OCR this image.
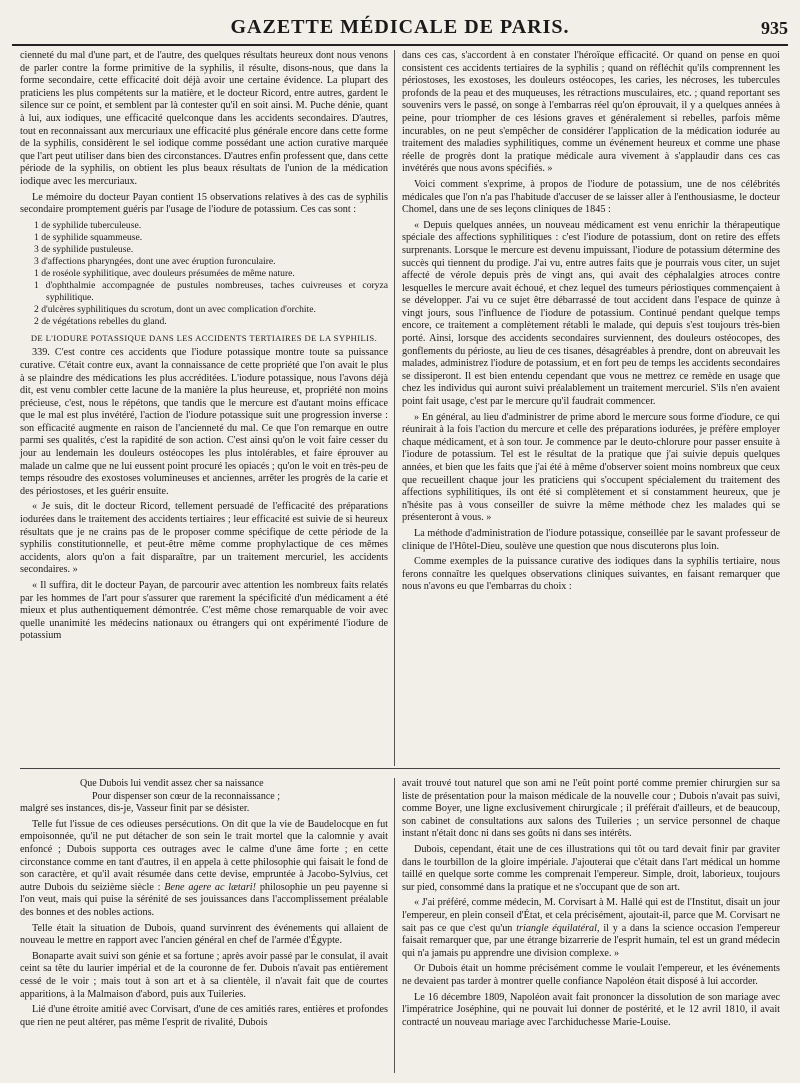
GAZETTE MÉDICALE DE PARIS.	935

cienneté du mal d'une part, et de l'autre, des quelques résultats heureux dont nous venons de parler contre la forme primitive de la syphilis, il résulte, disons-nous, que dans la forme secondaire, cette efficacité doit déjà avoir une certaine évidence. La plupart des praticiens les plus compétents sur la matière, et le docteur Ricord, entre autres, gardent le silence sur ce point, et semblent par là contester qu'il en soit ainsi. M. Puche dénie, quant à lui, aux iodiques, une efficacité quelconque dans les accidents secondaires. D'autres, tout en reconnaissant aux mercuriaux une efficacité plus générale encore dans cette forme de la syphilis, considèrent le sel iodique comme possédant une action curative marquée que l'art peut utiliser dans bien des circonstances. D'autres enfin professent que, dans cette période de la syphilis, on obtient les plus beaux résultats de l'union de la médication iodique avec les mercuriaux.

Le mémoire du docteur Payan contient 15 observations relatives à des cas de syphilis secondaire promptement guéris par l'usage de l'iodure de potassium. Ces cas sont :

1 de syphilide tuberculeuse.
1 de syphilide squammeuse.
3 de syphilide pustuleuse.
3 d'affections pharyngées, dont une avec éruption furonculaire.
1 de roséole syphilitique, avec douleurs présumées de même nature.
1 d'ophthalmie accompagnée de pustules nombreuses, taches cuivreuses et coryza syphilitique.
2 d'ulcères syphilitiques du scrotum, dont un avec complication d'orchite.
2 de végétations rebelles du gland.

DE L'IODURE POTASSIQUE DANS LES ACCIDENTS TERTIAIRES DE LA SYPHILIS.

339. C'est contre ces accidents que l'iodure potassique montre toute sa puissance curative. C'était contre eux, avant la connaissance de cette propriété que l'on avait le plus à se plaindre des médications les plus accréditées. L'iodure potassique, nous l'avons déjà dit, est venu combler cette lacune de la manière la plus heureuse, et, propriété non moins précieuse, c'est, nous le répétons, que tandis que le mercure est d'autant moins efficace que le mal est plus invétéré, l'action de l'iodure potassique suit une progression inverse : son efficacité augmente en raison de l'ancienneté du mal. Ce que l'on remarque en outre parmi ses qualités, c'est la rapidité de son action. C'est ainsi qu'on le voit faire cesser du jour au lendemain les douleurs ostéocopes les plus intolérables, et faire éprouver au malade un calme que ne lui eussent point procuré les opiacés ; qu'on le voit en très-peu de temps résoudre des exostoses volumineuses et anciennes, arrêter les progrès de la carie et des périostoses, et les guérir ensuite.

« Je suis, dit le docteur Ricord, tellement persuadé de l'efficacité des préparations iodurées dans le traitement des accidents tertiaires ; leur efficacité est suivie de si heureux résultats que je ne crains pas de le proposer comme spécifique de cette période de la syphilis constitutionnelle, et peut-être même comme prophylactique de ces mêmes accidents, alors qu'on a fait disparaître, par un traitement mercuriel, les accidents secondaires. »

« Il suffira, dit le docteur Payan, de parcourir avec attention les nombreux faits relatés par les hommes de l'art pour s'assurer que rarement la spécificité d'un médicament a été mieux et plus authentiquement démontrée. C'est même chose remarquable de voir avec quelle unanimité les médecins nationaux ou étrangers qui ont expérimenté l'iodure de potassium

dans ces cas, s'accordent à en constater l'héroïque efficacité. Or quand on pense en quoi consistent ces accidents tertiaires de la syphilis ; quand on réfléchit qu'ils comprennent les périostoses, les exostoses, les douleurs ostéocopes, les caries, les nécroses, les tubercules profonds de la peau et des muqueuses, les rétractions musculaires, etc. ; quand reportant ses souvenirs vers le passé, on songe à l'embarras réel qu'on éprouvait, il y a quelques années à peine, pour triompher de ces lésions graves et généralement si rebelles, parfois même incurables, on ne peut s'empêcher de considérer l'application de la médication iodurée au traitement des maladies syphilitiques, comme un événement heureux et comme une phase réelle de progrès dont la pratique médicale aura vivement à s'applaudir dans ces cas invétérés que nous avons spécifiés. »

Voici comment s'exprime, à propos de l'iodure de potassium, une de nos célébrités médicales que l'on n'a pas l'habitude d'accuser de se laisser aller à l'enthousiasme, le docteur Chomel, dans une de ses leçons cliniques de 1845 :

« Depuis quelques années, un nouveau médicament est venu enrichir la thérapeutique spéciale des affections syphilitiques : c'est l'iodure de potassium, dont on retire des effets surprenants. Lorsque le mercure est devenu impuissant, l'iodure de potassium détermine des succès qui tiennent du prodige. J'ai vu, entre autres faits que je pourrais vous citer, un sujet affecté de vérole depuis près de vingt ans, qui avait des céphalalgies atroces contre lesquelles le mercure avait échoué, et chez lequel des tumeurs périostiques commençaient à se développer. J'ai vu ce sujet être débarrassé de tout accident dans l'espace de quinze à vingt jours, sous l'influence de l'iodure de potassium. Continué pendant quelque temps encore, ce traitement a complètement rétabli le malade, qui depuis s'est toujours très-bien porté. Ainsi, lorsque des accidents secondaires surviennent, des douleurs ostéocopes, des gonflements du périoste, au lieu de ces tisanes, désagréables à prendre, dont on abreuvait les malades, administrez l'iodure de potassium, et en fort peu de temps les accidents secondaires se dissiperont. Il est bien entendu cependant que vous ne mettrez ce remède en usage que chez les individus qui auront suivi préalablement un traitement mercuriel. S'ils n'en avaient point fait usage, c'est par le mercure qu'il faudrait commencer.

» En général, au lieu d'administrer de prime abord le mercure sous forme d'iodure, ce qui réunirait à la fois l'action du mercure et celle des préparations iodurées, je préfère employer chaque médicament, et à son tour. Je commence par le deuto-chlorure pour passer ensuite à l'iodure de potassium. Tel est le résultat de la pratique que j'ai suivie depuis quelques années, et bien que les faits que j'ai été à même d'observer soient moins nombreux que ceux que recueillent chaque jour les praticiens qui s'occupent spécialement du traitement des affections syphilitiques, ils ont été si complètement et si constamment heureux, que je n'hésite pas à vous conseiller de suivre la même méthode chez les malades qui se présenteront à vous. »

La méthode d'administration de l'iodure potassique, conseillée par le savant professeur de clinique de l'Hôtel-Dieu, soulève une question que nous discuterons plus loin.

Comme exemples de la puissance curative des iodiques dans la syphilis tertiaire, nous ferons connaître les quelques observations cliniques suivantes, en faisant remarquer que nous n'avons eu que l'embarras du choix :

Que Dubois lui vendit assez cher sa naissance

Pour dispenser son cœur de la reconnaissance ;

malgré ses instances, dis-je, Vasseur finit par se désister.

Telle fut l'issue de ces odieuses persécutions. On dit que la vie de Baudelocque en fut empoisonnée, qu'il ne put détacher de son sein le trait mortel que la calomnie y avait enfoncé ; Dubois supporta ces outrages avec le calme d'une âme forte ; en cette circonstance comme en tant d'autres, il en appela à cette philosophie qui faisait le fond de son caractère, et qu'il avait résumée dans cette devise, empruntée à Jacobo-Sylvius, cet autre Dubois du seizième siècle : Bene agere ac lætari! philosophie un peu payenne si l'on veut, mais qui puise la sérénité de ses jouissances dans l'accomplissement préalable des bonnes et des nobles actions.

Telle était la situation de Dubois, quand survinrent des événements qui allaient de nouveau le mettre en rapport avec l'ancien général en chef de l'armée d'Égypte.

Bonaparte avait suivi son génie et sa fortune ; après avoir passé par le consulat, il avait ceint sa tête du laurier impérial et de la couronne de fer. Dubois n'avait pas entièrement cessé de le voir ; mais tout à son art et à sa clientèle, il n'avait fait que de courtes apparitions, à la Malmaison d'abord, puis aux Tuileries.

Lié d'une étroite amitié avec Corvisart, d'une de ces amitiés rares, entières et profondes que rien ne peut altérer, pas même l'esprit de rivalité, Dubois

avait trouvé tout naturel que son ami ne l'eût point porté comme premier chirurgien sur sa liste de présentation pour la maison médicale de la nouvelle cour ; Dubois n'avait pas suivi, comme Boyer, une ligne exclusivement chirurgicale ; il préférait d'ailleurs, et de beaucoup, son cabinet de consultations aux salons des Tuileries ; un service personnel de chaque instant n'était donc ni dans ses goûts ni dans ses intérêts.

Dubois, cependant, était une de ces illustrations qui tôt ou tard devait finir par graviter dans le tourbillon de la gloire impériale. J'ajouterai que c'était dans l'art médical un homme taillé en quelque sorte comme les comprenait l'empereur. Simple, droit, laborieux, toujours sur pied, consommé dans la pratique et ne s'occupant que de son art.

« J'ai préféré, comme médecin, M. Corvisart à M. Hallé qui est de l'Institut, disait un jour l'empereur, en plein conseil d'État, et cela précisément, ajoutait-il, parce que M. Corvisart ne sait pas ce que c'est qu'un triangle équilatéral, il y a dans la science occasion l'empereur faisait remarquer que, par une étrange bizarrerie de l'esprit humain, tel est un grand médecin qui n'a jamais pu apprendre une division complexe. »

Or Dubois était un homme précisément comme le voulait l'empereur, et les événements ne devaient pas tarder à montrer quelle confiance Napoléon était disposé à lui accorder.

Le 16 décembre 1809, Napoléon avait fait prononcer la dissolution de son mariage avec l'impératrice Joséphine, qui ne pouvait lui donner de postérité, et le 12 avril 1810, il avait contracté un nouveau mariage avec l'archiduchesse Marie-Louise.
